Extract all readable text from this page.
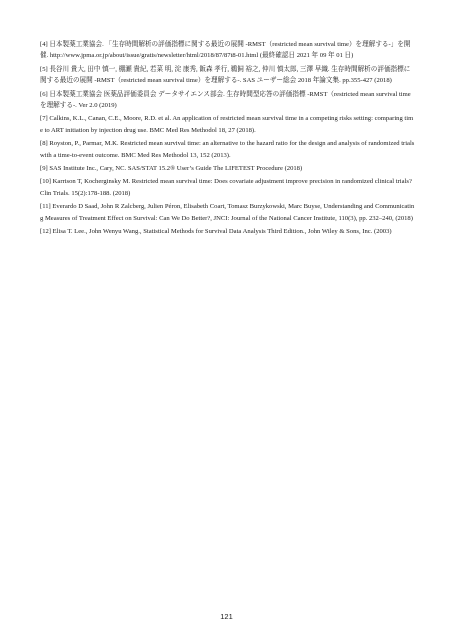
[4] 日本製薬工業協会. 「生存時間解析の評価指標に関する最近の展開 -RMST（restricted mean survival time）を理解する-」を開催. http://www.jpma.or.jp/about/issue/gratis/newsletter/html/2018/87/87t8-01.html (最終確認日 2021 年 09 年 01 日)

[5] 長谷川 貴大, 田中 慎一, 棚瀬 貴紀, 若菜 明, 淀 康秀, 飯森 孝行, 鵜飼 裕之, 仲川 慎太郎, 三澤 早織. 生存時間解析の評価指標に関する最近の展開 -RMST（restricted mean survival time）を理解する-. SAS ユーザー総会 2018 年論文集. pp.355-427 (2018)

[6] 日本製薬工業協会 医薬品評価委員会 データサイエンス部会. 生存時間型応答の評価指標 -RMST（restricted mean survival time を理解する-. Ver 2.0 (2019)

[7] Calkins, K.L., Canan, C.E., Moore, R.D. et al. An application of restricted mean survival time in a competing risks setting: comparing time to ART initiation by injection drug use. BMC Med Res Methodol 18, 27 (2018).

[8] Royston, P., Parmar, M.K. Restricted mean survival time: an alternative to the hazard ratio for the design and analysis of randomized trials with a time-to-event outcome. BMC Med Res Methodol 13, 152 (2013).

[9] SAS Institute Inc., Cary, NC. SAS/STAT 15.2® User’s Guide The LIFETEST Procedure (2018)

[10] Karrison T, Kocherginsky M. Restricted mean survival time: Does covariate adjustment improve precision in randomized clinical trials? Clin Trials. 15(2):178-188. (2018)

[11] Everardo D Saad, John R Zalcberg, Julien Péron, Elisabeth Coart, Tomasz Burzykowski, Marc Buyse, Understanding and Communicating Measures of Treatment Effect on Survival: Can We Do Better?, JNCI: Journal of the National Cancer Institute, 110(3), pp. 232–240, (2018)

[12] Elisa T. Lee., John Wenyu Wang., Statistical Methods for Survival Data Analysis Third Edition., John Wiley & Sons, Inc. (2003)

121
